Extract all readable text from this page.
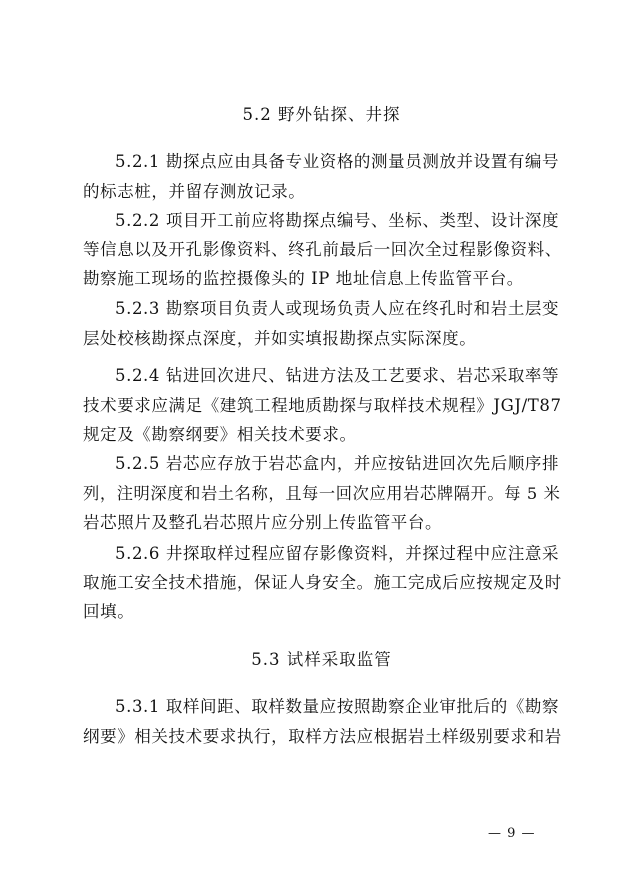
5.2 野外钻探、井探
5.2.1 勘探点应由具备专业资格的测量员测放并设置有编号
的标志桩，并留存测放记录。
5.2.2 项目开工前应将勘探点编号、坐标、类型、设计深度
等信息以及开孔影像资料、终孔前最后一回次全过程影像资料、
勘察施工现场的监控摄像头的 IP 地址信息上传监管平台。
5.2.3 勘察项目负责人或现场负责人应在终孔时和岩土层变
层处校核勘探点深度，并如实填报勘探点实际深度。
5.2.4 钻进回次进尺、钻进方法及工艺要求、岩芯采取率等
技术要求应满足《建筑工程地质勘探与取样技术规程》JGJ/T87
规定及《勘察纲要》相关技术要求。
5.2.5 岩芯应存放于岩芯盒内，并应按钻进回次先后顺序排
列，注明深度和岩土名称，且每一回次应用岩芯牌隔开。每 5 米
岩芯照片及整孔岩芯照片应分别上传监管平台。
5.2.6 井探取样过程应留存影像资料，并探过程中应注意采
取施工安全技术措施，保证人身安全。施工完成后应按规定及时
回填。
5.3 试样采取监管
5.3.1 取样间距、取样数量应按照勘察企业审批后的《勘察
纲要》相关技术要求执行，取样方法应根据岩土样级别要求和岩
— 9 —
